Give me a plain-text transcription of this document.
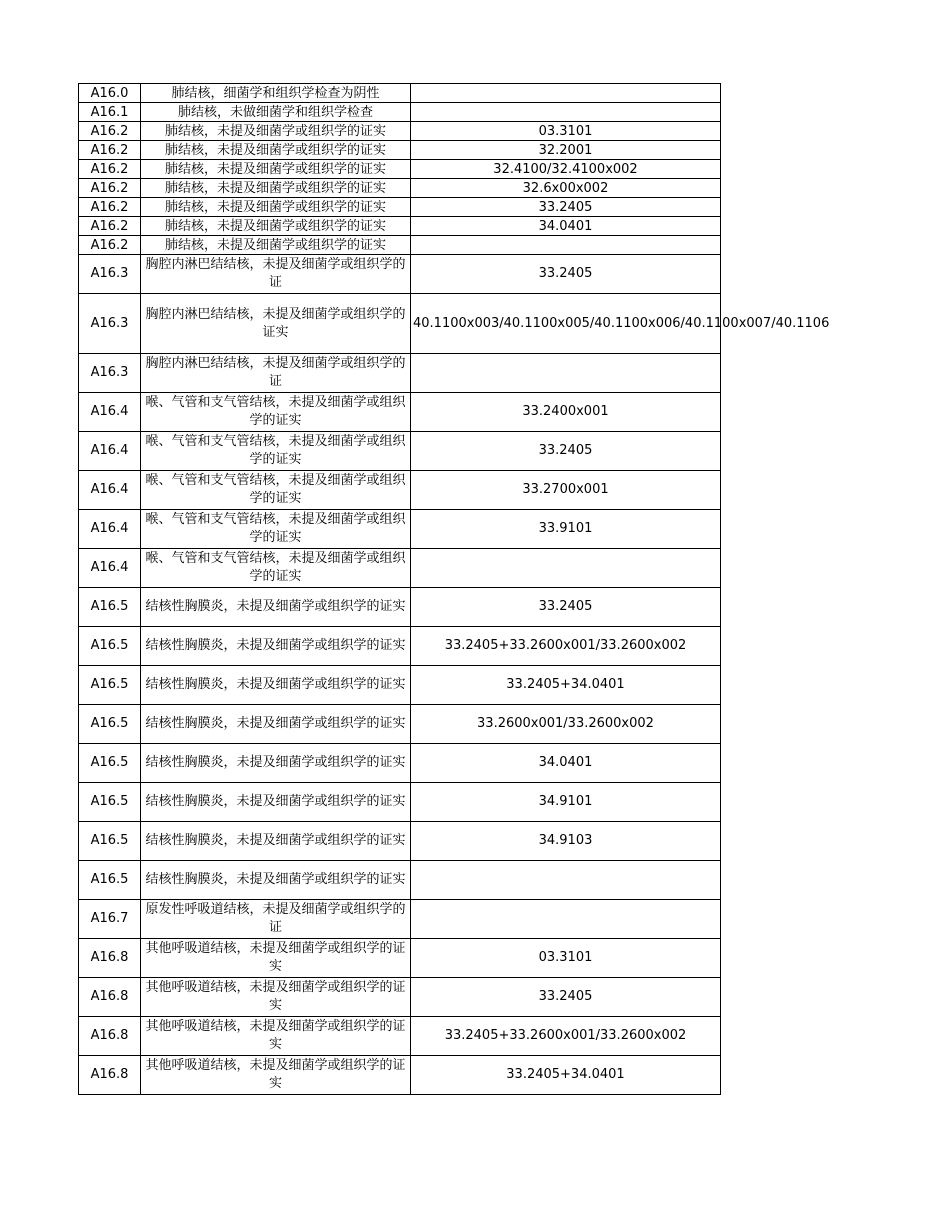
A16.0	肺结核，细菌学和组织学检查为阴性	
A16.1	肺结核，未做细菌学和组织学检查	
A16.2	肺结核，未提及细菌学或组织学的证实	03.3101
A16.2	肺结核，未提及细菌学或组织学的证实	32.2001
A16.2	肺结核，未提及细菌学或组织学的证实	32.4100/32.4100x002
A16.2	肺结核，未提及细菌学或组织学的证实	32.6x00x002
A16.2	肺结核，未提及细菌学或组织学的证实	33.2405
A16.2	肺结核，未提及细菌学或组织学的证实	34.0401
A16.2	肺结核，未提及细菌学或组织学的证实	
A16.3	胸腔内淋巴结结核，未提及细菌学或组织学的证	33.2405
A16.3	胸腔内淋巴结结核，未提及细菌学或组织学的证实	40.1100x003/40.1100x005/40.1100x006/40.1100x007/40.1106
A16.3	胸腔内淋巴结结核，未提及细菌学或组织学的证	
A16.4	喉、气管和支气管结核，未提及细菌学或组织学的证实	33.2400x001
A16.4	喉、气管和支气管结核，未提及细菌学或组织学的证实	33.2405
A16.4	喉、气管和支气管结核，未提及细菌学或组织学的证实	33.2700x001
A16.4	喉、气管和支气管结核，未提及细菌学或组织学的证实	33.9101
A16.4	喉、气管和支气管结核，未提及细菌学或组织学的证实	
A16.5	结核性胸膜炎，未提及细菌学或组织学的证实	33.2405
A16.5	结核性胸膜炎，未提及细菌学或组织学的证实	33.2405+33.2600x001/33.2600x002
A16.5	结核性胸膜炎，未提及细菌学或组织学的证实	33.2405+34.0401
A16.5	结核性胸膜炎，未提及细菌学或组织学的证实	33.2600x001/33.2600x002
A16.5	结核性胸膜炎，未提及细菌学或组织学的证实	34.0401
A16.5	结核性胸膜炎，未提及细菌学或组织学的证实	34.9101
A16.5	结核性胸膜炎，未提及细菌学或组织学的证实	34.9103
A16.5	结核性胸膜炎，未提及细菌学或组织学的证实	
A16.7	原发性呼吸道结核，未提及细菌学或组织学的证	
A16.8	其他呼吸道结核，未提及细菌学或组织学的证实	03.3101
A16.8	其他呼吸道结核，未提及细菌学或组织学的证实	33.2405
A16.8	其他呼吸道结核，未提及细菌学或组织学的证实	33.2405+33.2600x001/33.2600x002
A16.8	其他呼吸道结核，未提及细菌学或组织学的证实	33.2405+34.0401
